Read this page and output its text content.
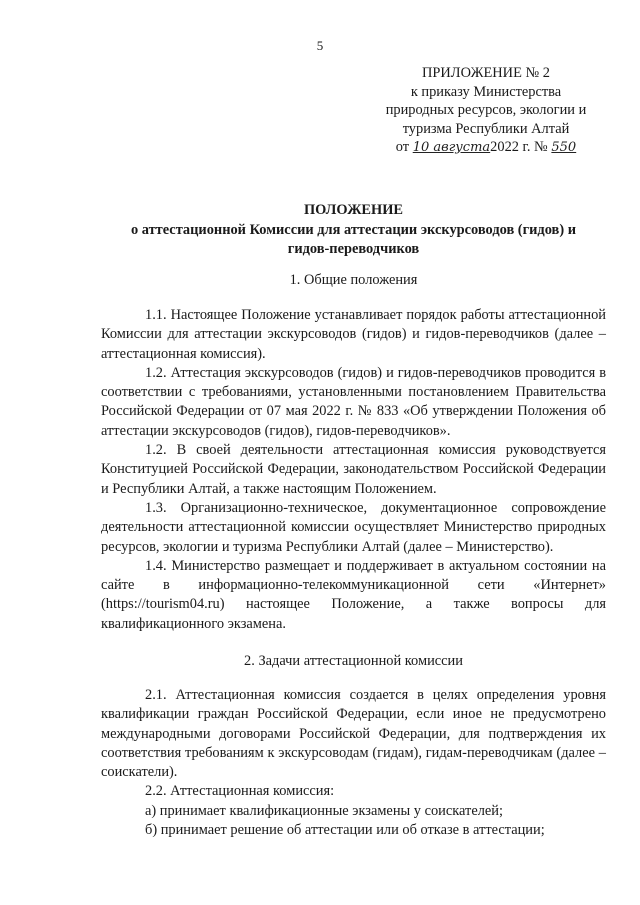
5
ПРИЛОЖЕНИЕ № 2
к приказу Министерства
природных ресурсов, экологии и
туризма Республики Алтай
от 10 августа2022 г. № 550
ПОЛОЖЕНИЕ
о аттестационной Комиссии для аттестации экскурсоводов (гидов) и
гидов-переводчиков
1. Общие положения

1.1. Настоящее Положение устанавливает порядок работы аттестационной Комиссии для аттестации экскурсоводов (гидов) и гидов-переводчиков (далее – аттестационная комиссия).

1.2. Аттестация экскурсоводов (гидов) и гидов-переводчиков проводится в соответствии с требованиями, установленными постановлением Правительства Российской Федерации от 07 мая 2022 г. № 833 «Об утверждении Положения об аттестации экскурсоводов (гидов), гидов-переводчиков».

1.2. В своей деятельности аттестационная комиссия руководствуется Конституцией Российской Федерации, законодательством Российской Федерации и Республики Алтай, а также настоящим Положением.

1.3. Организационно-техническое, документационное сопровождение деятельности аттестационной комиссии осуществляет Министерство природных ресурсов, экологии и туризма Республики Алтай (далее – Министерство).

1.4. Министерство размещает и поддерживает в актуальном состоянии на сайте в информационно-телекоммуникационной сети «Интернет» (https://tourism04.ru) настоящее Положение, а также вопросы для квалификационного экзамена.

2. Задачи аттестационной комиссии

2.1. Аттестационная комиссия создается в целях определения уровня квалификации граждан Российской Федерации, если иное не предусмотрено международными договорами Российской Федерации, для подтверждения их соответствия требованиям к экскурсоводам (гидам), гидам-переводчикам (далее – соискатели).

2.2. Аттестационная комиссия:

а) принимает квалификационные экзамены у соискателей;

б) принимает решение об аттестации или об отказе в аттестации;
